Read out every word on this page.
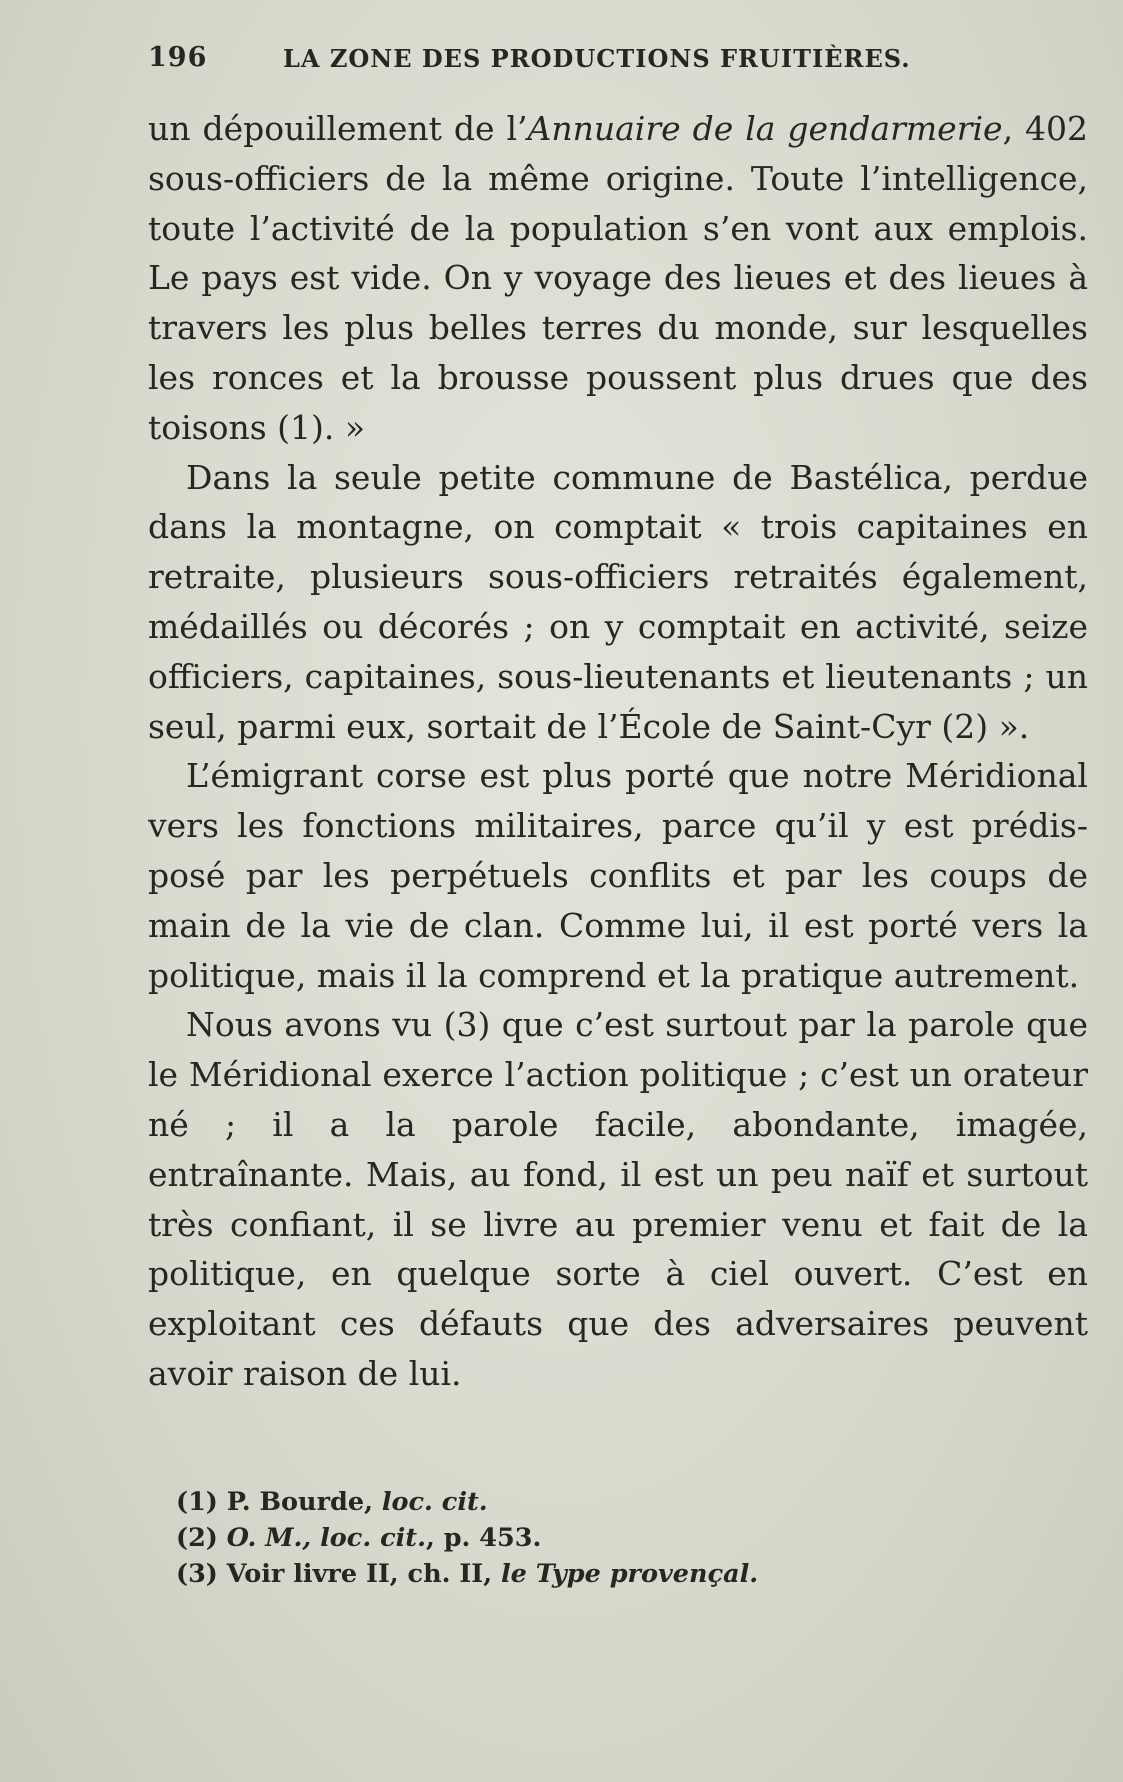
196	LA ZONE DES PRODUCTIONS FRUITIÈRES.

un dépouillement de l’Annuaire de la gendarmerie, 402 sous-officiers de la même origine. Toute l’intelligence, toute l’activité de la population s’en vont aux emplois. Le pays est vide. On y voyage des lieues et des lieues à travers les plus belles terres du monde, sur lesquelles les ronces et la brousse poussent plus drues que des toisons (1). »

Dans la seule petite commune de Bastélica, perdue dans la montagne, on comptait « trois capitaines en retraite, plusieurs sous-officiers retraités également, médaillés ou décorés ; on y comptait en activité, seize officiers, capitaines, sous-lieutenants et lieutenants ; un seul, parmi eux, sortait de l’École de Saint-Cyr (2) ».

L’émigrant corse est plus porté que notre Méridional vers les fonctions militaires, parce qu’il y est prédisposé par les perpétuels conflits et par les coups de main de la vie de clan. Comme lui, il est porté vers la politique, mais il la comprend et la pratique autrement.

Nous avons vu (3) que c’est surtout par la parole que le Méridional exerce l’action politique ; c’est un orateur né ; il a la parole facile, abondante, imagée, entraînante. Mais, au fond, il est un peu naïf et surtout très confiant, il se livre au premier venu et fait de la politique, en quelque sorte à ciel ouvert. C’est en exploitant ces défauts que des adversaires peuvent avoir raison de lui.

(1) P. Bourde, loc. cit.
(2) O. M., loc. cit., p. 453.
(3) Voir livre II, ch. II, le Type provençal.
